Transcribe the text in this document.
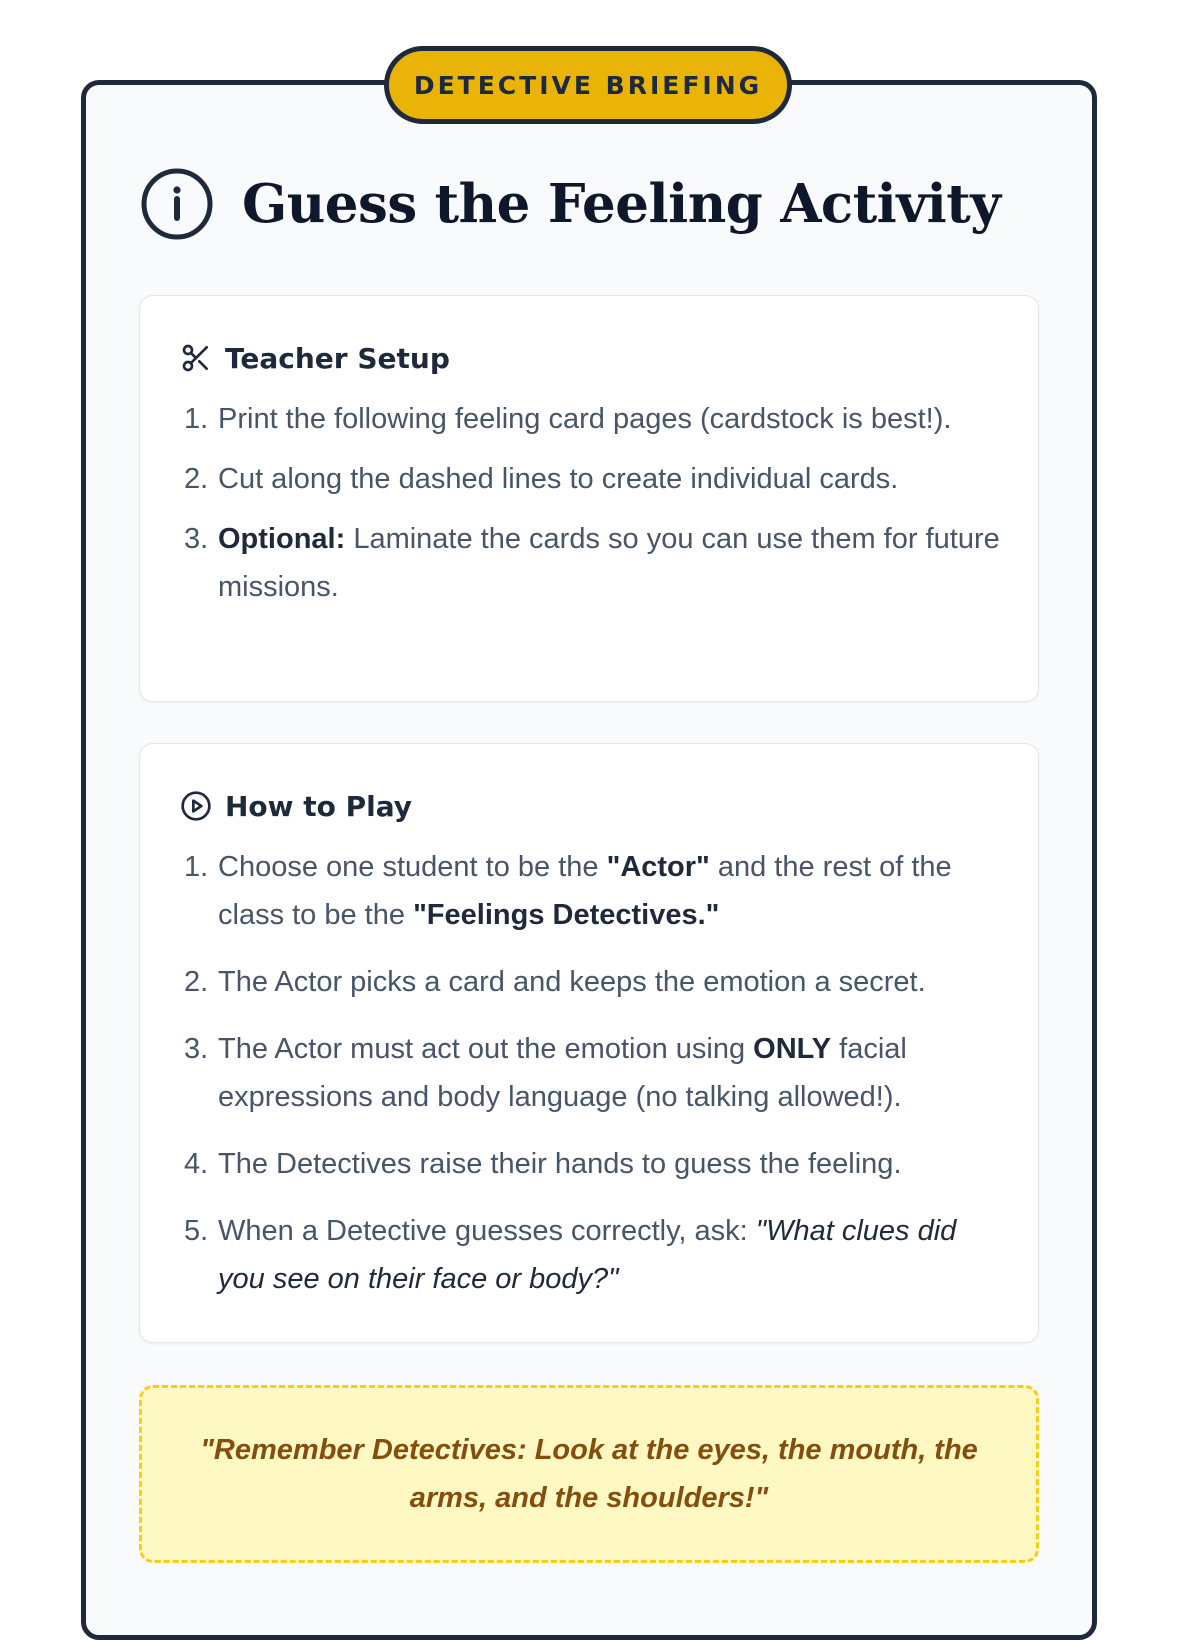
DETECTIVE BRIEFING
Guess the Feeling Activity
Teacher Setup
1. Print the following feeling card pages (cardstock is best!).
2. Cut along the dashed lines to create individual cards.
3. Optional: Laminate the cards so you can use them for future missions.
How to Play
1. Choose one student to be the "Actor" and the rest of the class to be the "Feelings Detectives."
2. The Actor picks a card and keeps the emotion a secret.
3. The Actor must act out the emotion using ONLY facial expressions and body language (no talking allowed!).
4. The Detectives raise their hands to guess the feeling.
5. When a Detective guesses correctly, ask: "What clues did you see on their face or body?"
"Remember Detectives: Look at the eyes, the mouth, the arms, and the shoulders!"
